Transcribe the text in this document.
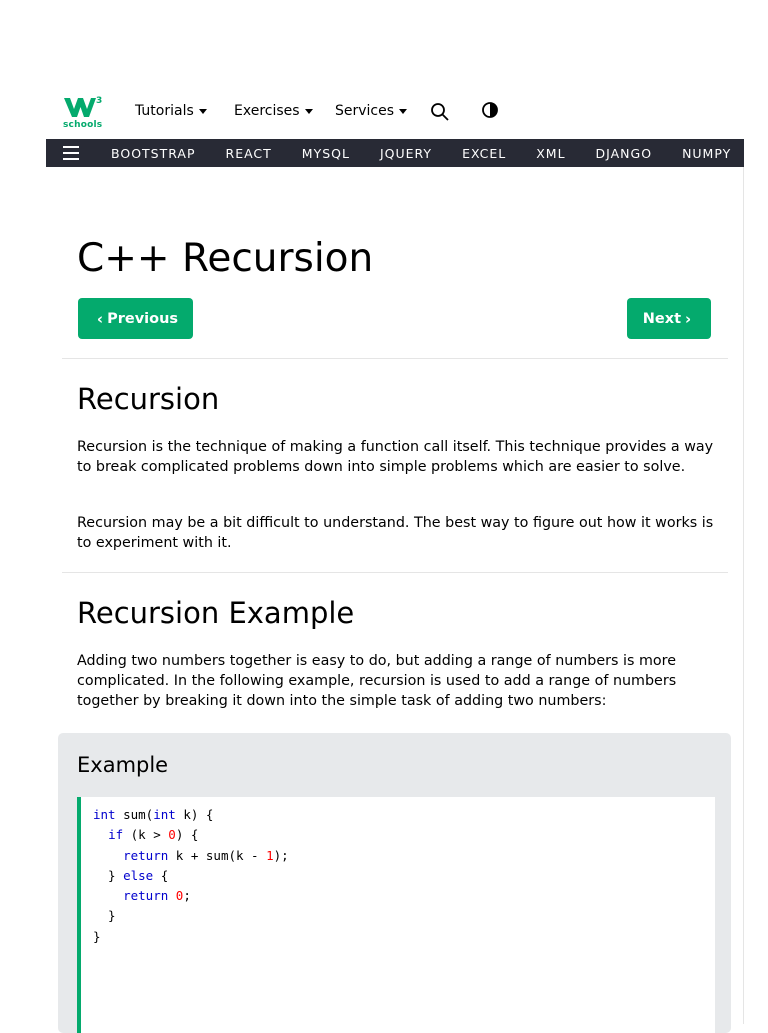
3
schools
Tutorials	Exercises	Services
BOOTSTRAP REACT MYSQL JQUERY EXCEL XML DJANGO NUMPY
C++ Recursion
‹ Previous	Next ›
Recursion

Recursion is the technique of making a function call itself. This technique provides a way to break complicated problems down into simple problems which are easier to solve.

Recursion may be a bit difficult to understand. The best way to figure out how it works is to experiment with it.

Recursion Example

Adding two numbers together is easy to do, but adding a range of numbers is more complicated. In the following example, recursion is used to add a range of numbers together by breaking it down into the simple task of adding two numbers:

Example
int sum(int k) {
if (k > 0) {
return k + sum(k - 1);
} else {
return 0;
}
}
